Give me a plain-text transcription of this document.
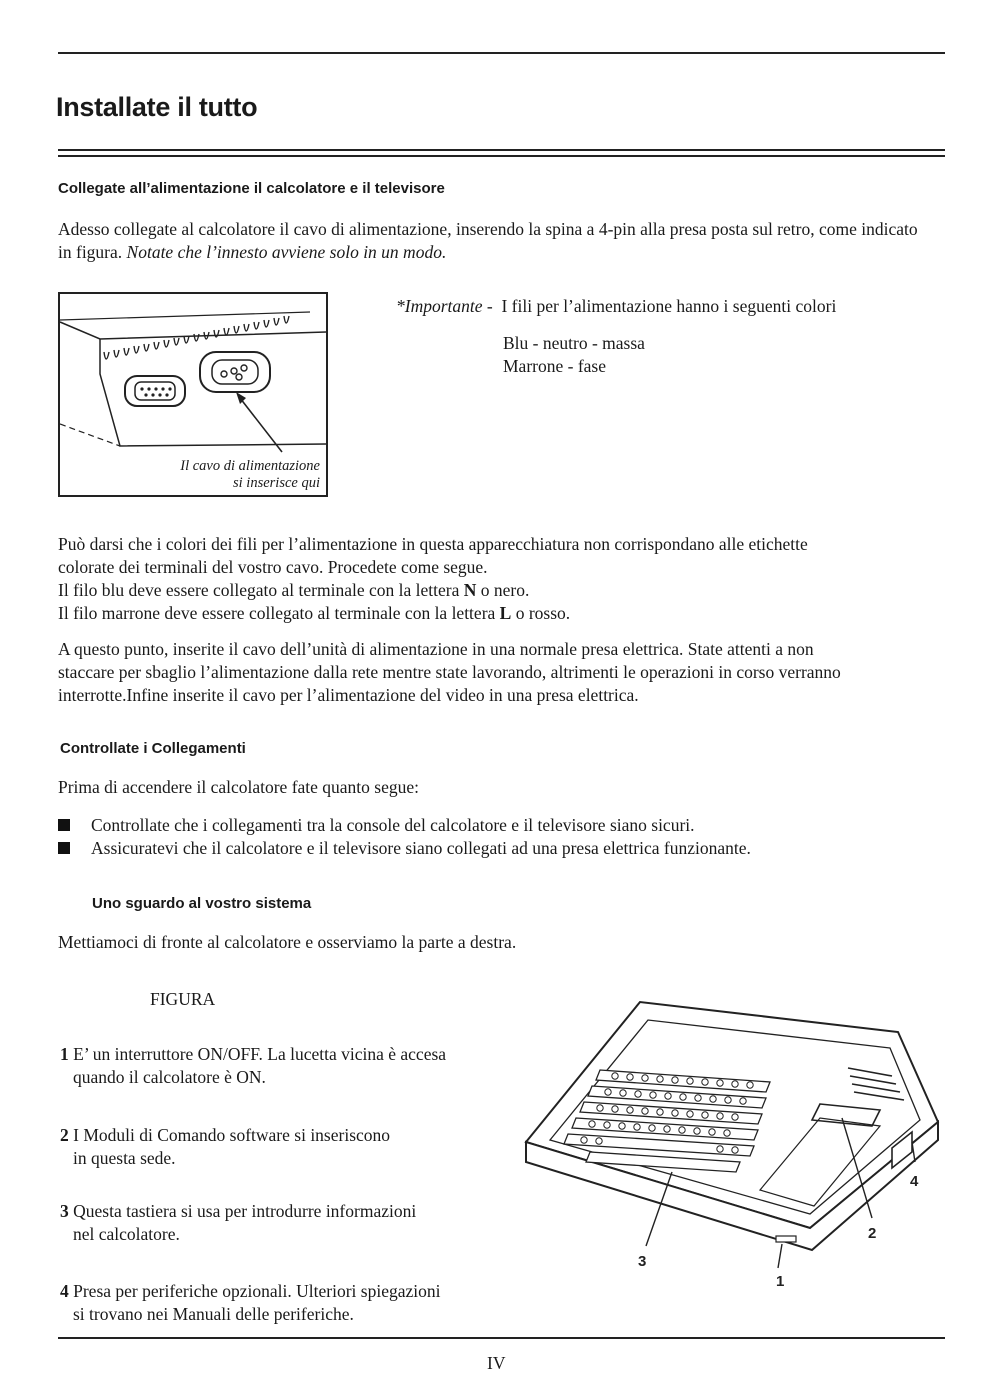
Installate il tutto
Collegate all’alimentazione il calcolatore e il televisore
Adesso collegate al calcolatore il cavo di alimentazione, inserendo la spina a 4-pin alla presa posta sul retro, come indicato in figura. Notate che l’innesto avviene solo in un modo.
Il cavo di alimentazione
si inserisce qui
*Importante - I fili per l’alimentazione hanno i seguenti colori
Blu - neutro - massa
Marrone - fase
Può darsi che i colori dei fili per l’alimentazione in questa apparecchiatura non corrispondano alle etichette
colorate dei terminali del vostro cavo. Procedete come segue.
Il filo blu deve essere collegato al terminale con la lettera N o nero.
Il filo marrone deve essere collegato al terminale con la lettera L o rosso.
A questo punto, inserite il cavo dell’unità di alimentazione in una normale presa elettrica. State attenti a non
staccare per sbaglio l’alimentazione dalla rete mentre state lavorando, altrimenti le operazioni in corso verranno
interrotte.Infine inserite il cavo per l’alimentazione del video in una presa elettrica.
Controllate i Collegamenti
Prima di accendere il calcolatore fate quanto segue:
Controllate che i collegamenti tra la console del calcolatore e il televisore siano sicuri.
Assicuratevi che il calcolatore e il televisore siano collegati ad una presa elettrica funzionante.
Uno sguardo al vostro sistema
Mettiamoci di fronte al calcolatore e osserviamo la parte a destra.
FIGURA
1 E’ un interruttore ON/OFF. La lucetta vicina è accesa
quando il calcolatore è ON.
2 I Moduli di Comando software si inseriscono
in questa sede.
3 Questa tastiera si usa per introdurre informazioni
nel calcolatore.
4 Presa per periferiche opzionali. Ulteriori spiegazioni
si trovano nei Manuali delle periferiche.
1
2
3
4
IV
